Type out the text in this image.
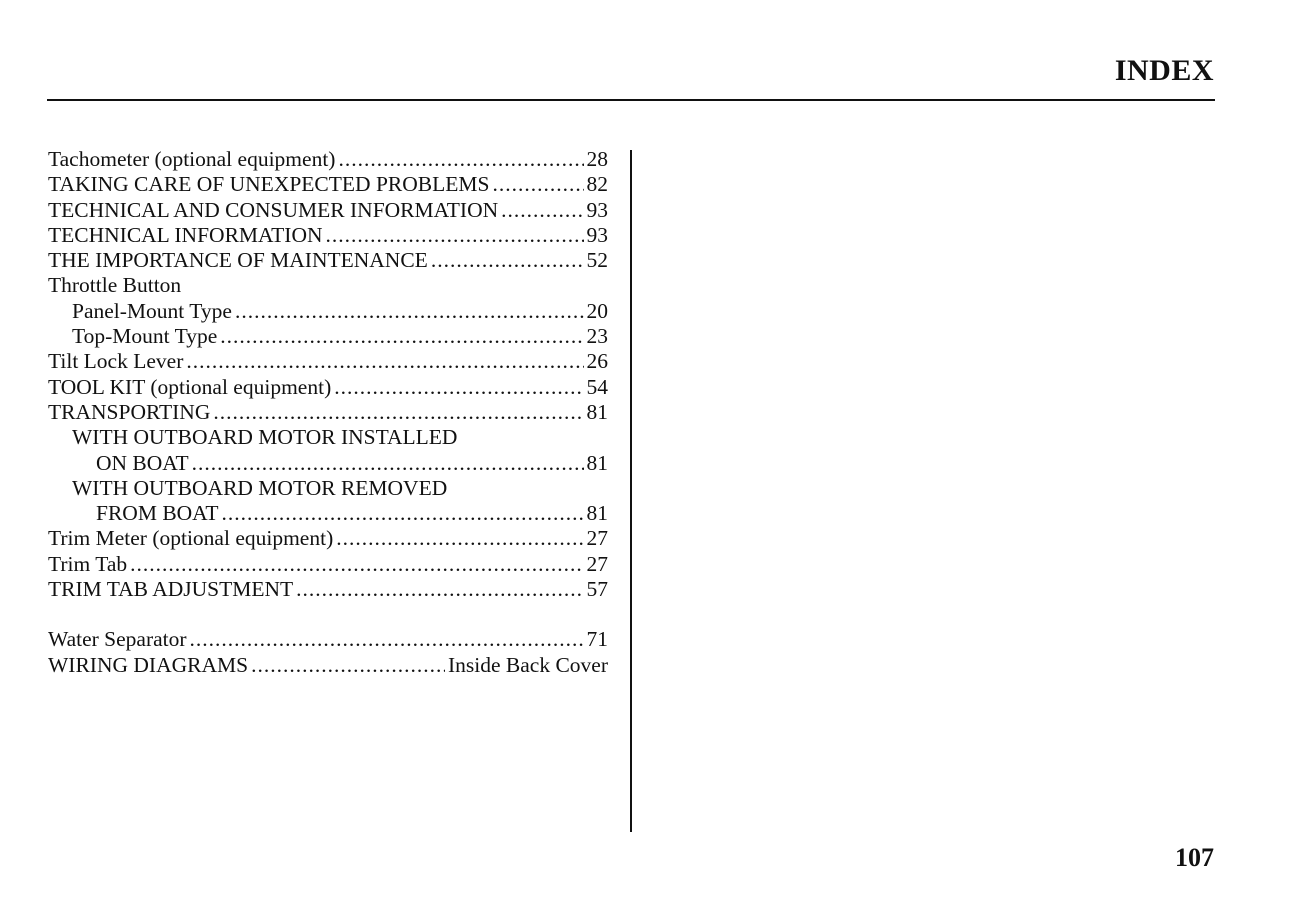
INDEX
Tachometer (optional equipment) .....	28
TAKING CARE OF UNEXPECTED PROBLEMS .....	82
TECHNICAL AND CONSUMER INFORMATION .....	93
TECHNICAL INFORMATION .....	93
THE IMPORTANCE OF MAINTENANCE .....	52
Throttle Button
Panel-Mount Type .....	20
Top-Mount Type .....	23
Tilt Lock Lever .....	26
TOOL KIT (optional equipment) .....	54
TRANSPORTING .....	81
WITH OUTBOARD MOTOR INSTALLED
ON BOAT .....	81
WITH OUTBOARD MOTOR REMOVED
FROM BOAT .....	81
Trim Meter (optional equipment) .....	27
Trim Tab .....	27
TRIM TAB ADJUSTMENT .....	57
Water Separator .....	71
WIRING DIAGRAMS .....	Inside Back Cover
107
